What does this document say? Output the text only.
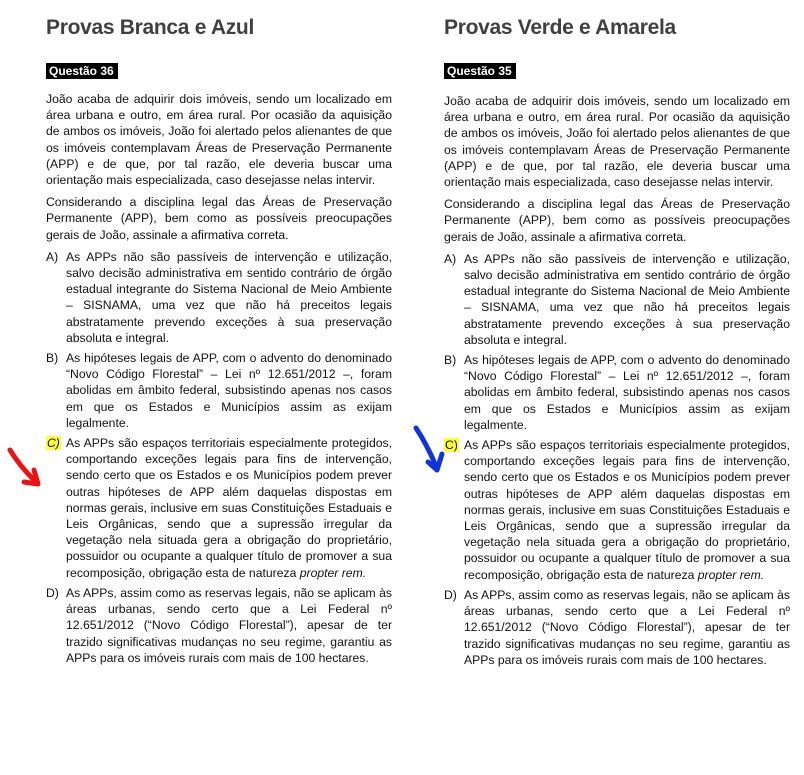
Provas Branca e Azul
Questão 36

João acaba de adquirir dois imóveis, sendo um localizado em área urbana e outro, em área rural. Por ocasião da aquisição de ambos os imóveis, João foi alertado pelos alienantes de que os imóveis contemplavam Áreas de Preservação Permanente (APP) e de que, por tal razão, ele deveria buscar uma orientação mais especializada, caso desejasse nelas intervir.

Considerando a disciplina legal das Áreas de Preservação Permanente (APP), bem como as possíveis preocupações gerais de João, assinale a afirmativa correta.

A) As APPs não são passíveis de intervenção e utilização, salvo decisão administrativa em sentido contrário de órgão estadual integrante do Sistema Nacional de Meio Ambiente – SISNAMA, uma vez que não há preceitos legais abstratamente prevendo exceções à sua preservação absoluta e integral.
B) As hipóteses legais de APP, com o advento do denominado “Novo Código Florestal” – Lei nº 12.651/2012 –, foram abolidas em âmbito federal, subsistindo apenas nos casos em que os Estados e Municípios assim as exijam legalmente.
C) As APPs são espaços territoriais especialmente protegidos, comportando exceções legais para fins de intervenção, sendo certo que os Estados e os Municípios podem prever outras hipóteses de APP além daquelas dispostas em normas gerais, inclusive em suas Constituições Estaduais e Leis Orgânicas, sendo que a supressão irregular da vegetação nela situada gera a obrigação do proprietário, possuidor ou ocupante a qualquer título de promover a sua recomposição, obrigação esta de natureza propter rem.
D) As APPs, assim como as reservas legais, não se aplicam às áreas urbanas, sendo certo que a Lei Federal nº 12.651/2012 (“Novo Código Florestal”), apesar de ter trazido significativas mudanças no seu regime, garantiu as APPs para os imóveis rurais com mais de 100 hectares.
Provas Verde e Amarela
Questão 35

João acaba de adquirir dois imóveis, sendo um localizado em área urbana e outro, em área rural. Por ocasião da aquisição de ambos os imóveis, João foi alertado pelos alienantes de que os imóveis contemplavam Áreas de Preservação Permanente (APP) e de que, por tal razão, ele deveria buscar uma orientação mais especializada, caso desejasse nelas intervir.

Considerando a disciplina legal das Áreas de Preservação Permanente (APP), bem como as possíveis preocupações gerais de João, assinale a afirmativa correta.

A) As APPs não são passíveis de intervenção e utilização, salvo decisão administrativa em sentido contrário de órgão estadual integrante do Sistema Nacional de Meio Ambiente – SISNAMA, uma vez que não há preceitos legais abstratamente prevendo exceções à sua preservação absoluta e integral.
B) As hipóteses legais de APP, com o advento do denominado “Novo Código Florestal” – Lei nº 12.651/2012 –, foram abolidas em âmbito federal, subsistindo apenas nos casos em que os Estados e Municípios assim as exijam legalmente.
C) As APPs são espaços territoriais especialmente protegidos, comportando exceções legais para fins de intervenção, sendo certo que os Estados e os Municípios podem prever outras hipóteses de APP além daquelas dispostas em normas gerais, inclusive em suas Constituições Estaduais e Leis Orgânicas, sendo que a supressão irregular da vegetação nela situada gera a obrigação do proprietário, possuidor ou ocupante a qualquer título de promover a sua recomposição, obrigação esta de natureza propter rem.
D) As APPs, assim como as reservas legais, não se aplicam às áreas urbanas, sendo certo que a Lei Federal nº 12.651/2012 (“Novo Código Florestal”), apesar de ter trazido significativas mudanças no seu regime, garantiu as APPs para os imóveis rurais com mais de 100 hectares.
